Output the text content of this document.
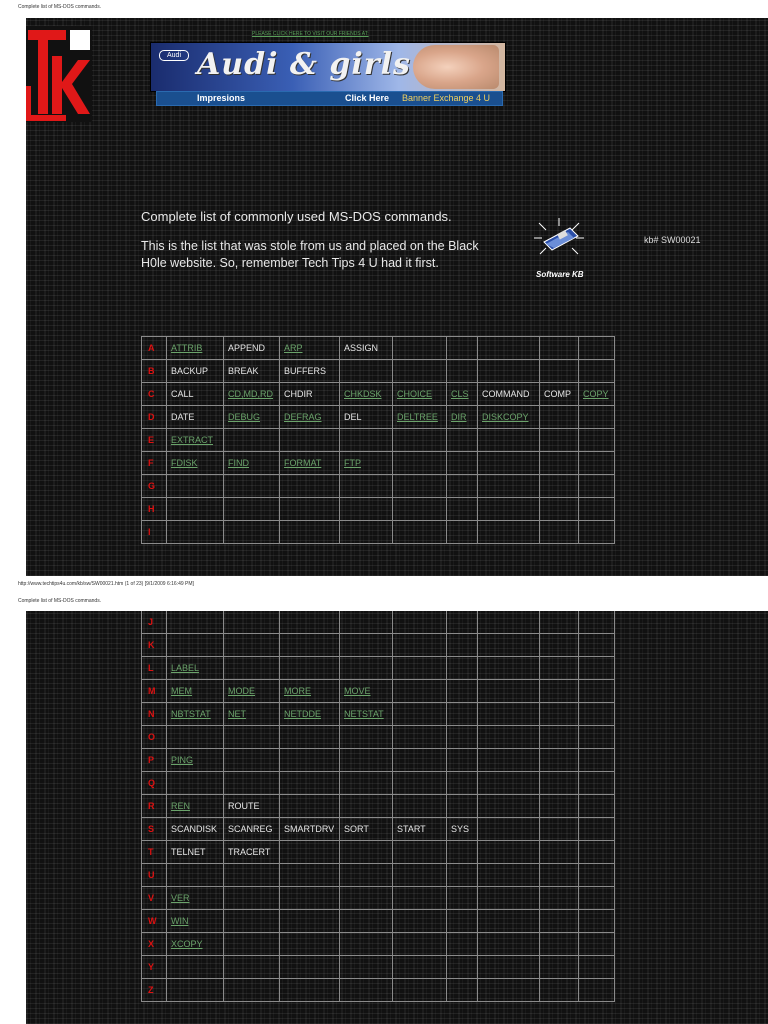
Complete list of MS-DOS commands.
PLEASE CLICK HERE TO VISIT OUR FRIENDS AT:
Audi Audi & girls
Impresions	Click Here Banner Exchange 4 U
Complete list of commonly used MS-DOS commands.
This is the list that was stole from us and placed on the Black H0le website. So, remember Tech Tips 4 U had it first.
Software KB
kb# SW00021
A	ATTRIB	APPEND	ARP	ASSIGN					
B	BACKUP	BREAK	BUFFERS						
C	CALL	CD,MD,RD	CHDIR	CHKDSK	CHOICE	CLS	COMMAND	COMP	COPY
D	DATE	DEBUG	DEFRAG	DEL	DELTREE	DIR	DISKCOPY		
E	EXTRACT								
F	FDISK	FIND	FORMAT	FTP					
G									
H									
I									
http://www.techtips4u.com/kb/sw/SW00021.htm (1 of 23) [9/1/2009 6:16:49 PM]
Complete list of MS-DOS commands.
J									
K									
L	LABEL								
M	MEM	MODE	MORE	MOVE					
N	NBTSTAT	NET	NETDDE	NETSTAT					
O									
P	PING								
Q									
R	REN	ROUTE							
S	SCANDISK	SCANREG	SMARTDRV	SORT	START	SYS			
T	TELNET	TRACERT							
U									
V	VER								
W	WIN								
X	XCOPY								
Y									
Z									
